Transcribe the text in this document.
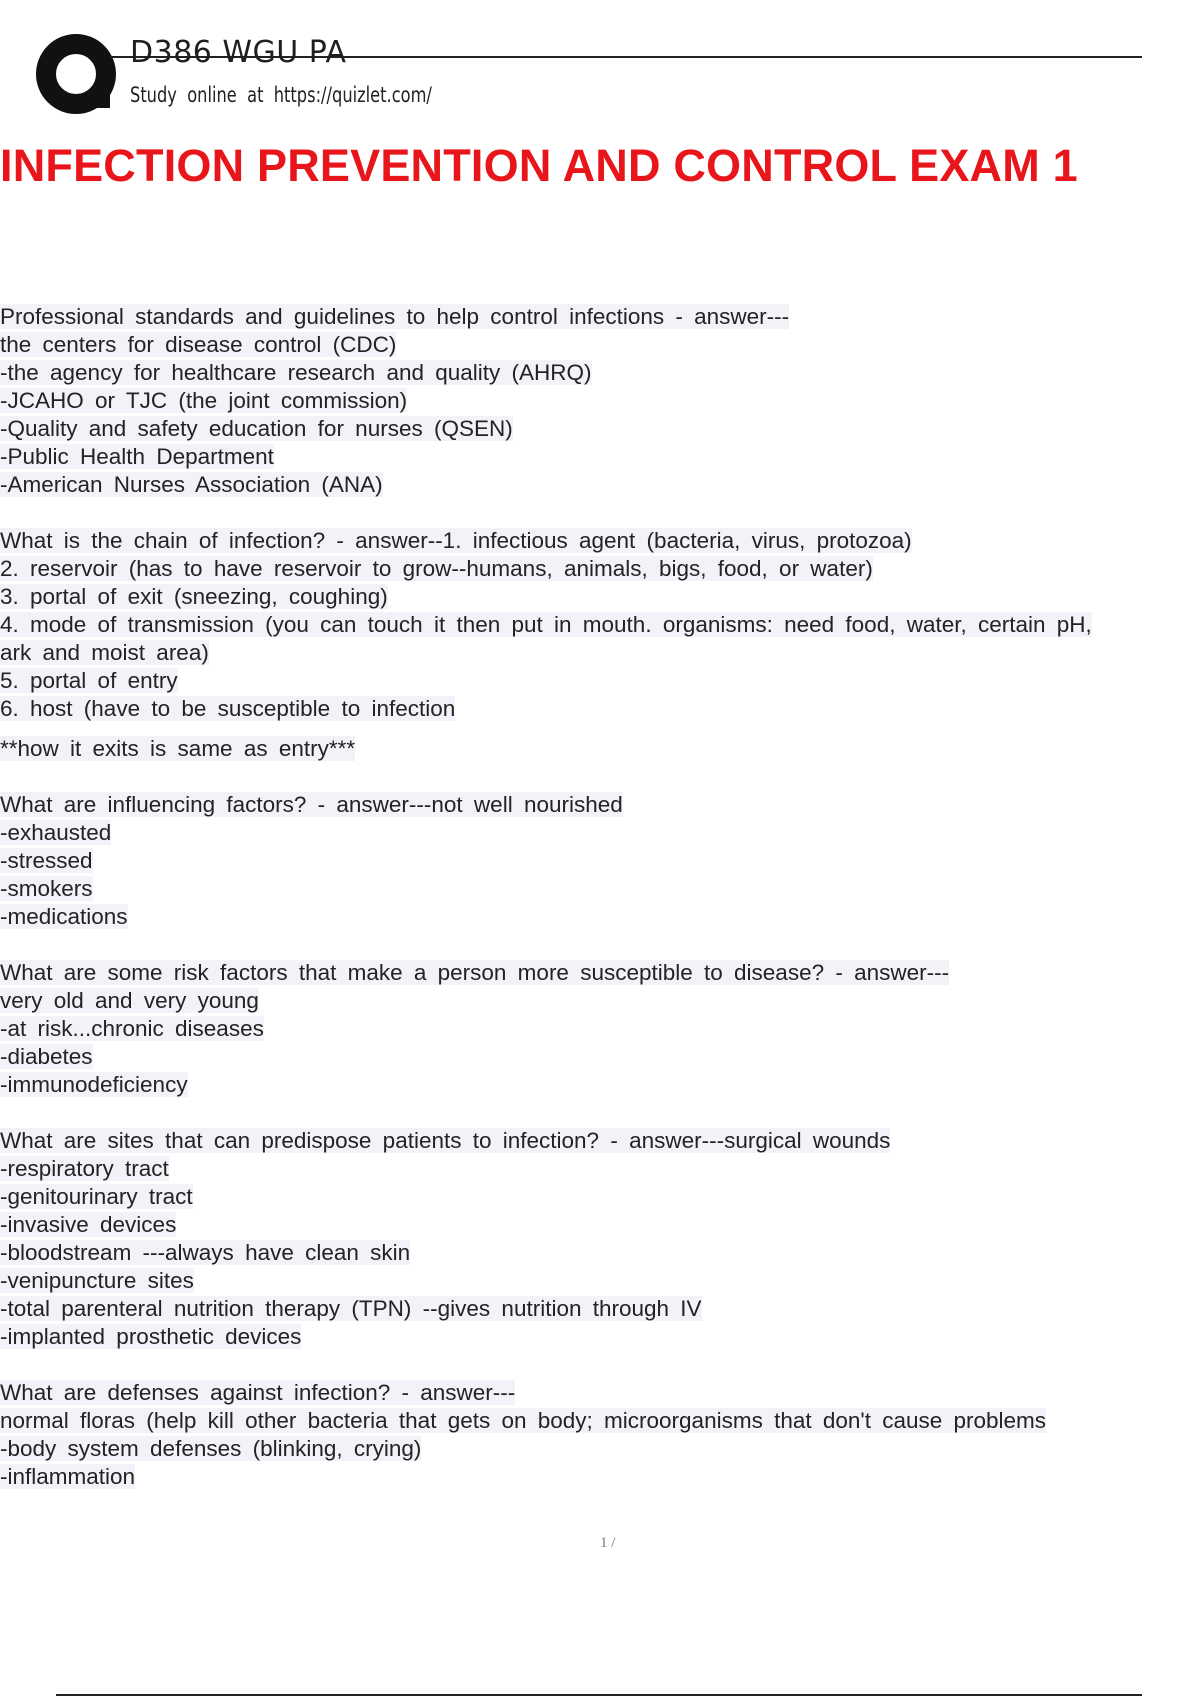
D386 WGU PA
Study online at https://quizlet.com/
INFECTION PREVENTION AND CONTROL EXAM 1
Professional standards and guidelines to help control infections - answer---
the centers for disease control (CDC)
-the agency for healthcare research and quality (AHRQ)
-JCAHO or TJC (the joint commission)
-Quality and safety education for nurses (QSEN)
-Public Health Department
-American Nurses Association (ANA)
What is the chain of infection? - answer--1. infectious agent (bacteria, virus, protozoa)
2. reservoir (has to have reservoir to grow--humans, animals, bigs, food, or water)
3. portal of exit (sneezing, coughing)
4. mode of transmission (you can touch it then put in mouth. organisms: need food, water, certain pH,
ark and moist area)
5. portal of entry
6. host (have to be susceptible to infection
**how it exits is same as entry***
What are influencing factors? - answer---not well nourished
-exhausted
-stressed
-smokers
-medications
What are some risk factors that make a person more susceptible to disease? - answer---
very old and very young
-at risk...chronic diseases
-diabetes
-immunodeficiency
What are sites that can predispose patients to infection? - answer---surgical wounds
-respiratory tract
-genitourinary tract
-invasive devices
-bloodstream ---always have clean skin
-venipuncture sites
-total parenteral nutrition therapy (TPN) --gives nutrition through IV
-implanted prosthetic devices
What are defenses against infection? - answer---
normal floras (help kill other bacteria that gets on body; microorganisms that don't cause problems
-body system defenses (blinking, crying)
-inflammation
1 /
